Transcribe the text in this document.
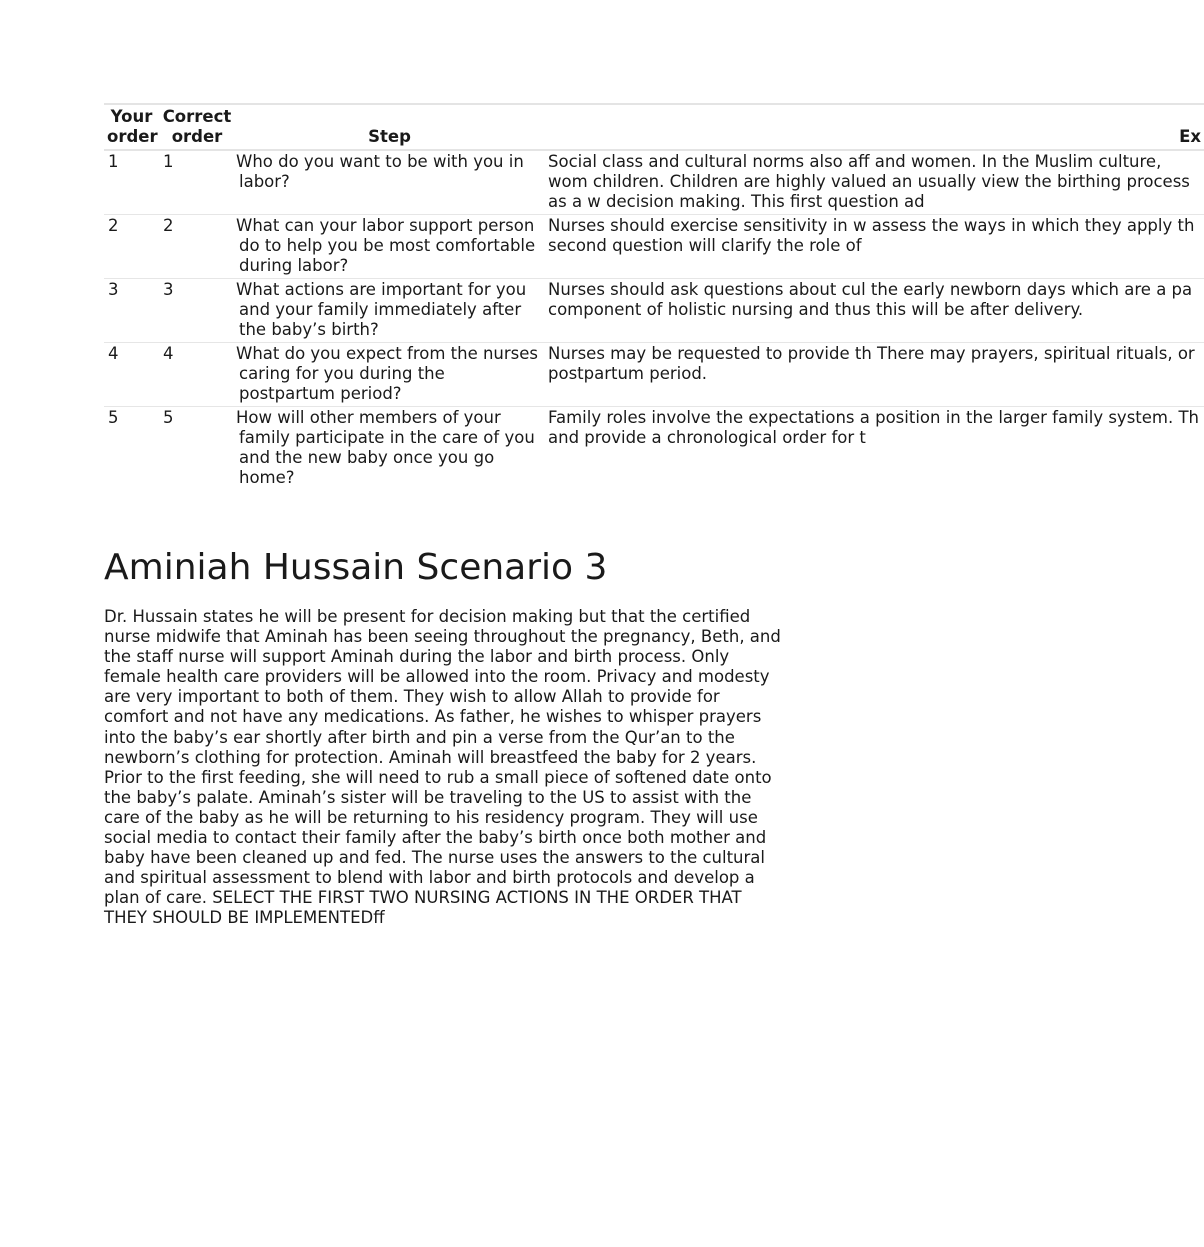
Your order	Correct order	Step	Ex
1	1	Who do you want to be with you in labor?	Social class and cultural norms also aff and women. In the Muslim culture, wom children. Children are highly valued an usually view the birthing process as a w decision making. This first question ad
2	2	What can your labor support person do to help you be most comfortable during labor?	Nurses should exercise sensitivity in w assess the ways in which they apply th second question will clarify the role of
3	3	What actions are important for you and your family immediately after the baby’s birth?	Nurses should ask questions about cul the early newborn days which are a pa component of holistic nursing and thus this will be after delivery.
4	4	What do you expect from the nurses caring for you during the postpartum period?	Nurses may be requested to provide th There may prayers, spiritual rituals, or postpartum period.
5	5	How will other members of your family participate in the care of you and the new baby once you go home?	Family roles involve the expectations a position in the larger family system. Th and provide a chronological order for t
Aminiah Hussain Scenario 3

Dr. Hussain states he will be present for decision making but that the certified nurse midwife that Aminah has been seeing throughout the pregnancy, Beth, and the staff nurse will support Aminah during the labor and birth process. Only female health care providers will be allowed into the room. Privacy and modesty are very important to both of them. They wish to allow Allah to provide for comfort and not have any medications. As father, he wishes to whisper prayers into the baby’s ear shortly after birth and pin a verse from the Qur’an to the newborn’s clothing for protection. Aminah will breastfeed the baby for 2 years. Prior to the first feeding, she will need to rub a small piece of softened date onto the baby’s palate. Aminah’s sister will be traveling to the US to assist with the care of the baby as he will be returning to his residency program. They will use social media to contact their family after the baby’s birth once both mother and baby have been cleaned up and fed. The nurse uses the answers to the cultural and spiritual assessment to blend with labor and birth protocols and develop a plan of care. SELECT THE FIRST TWO NURSING ACTIONS IN THE ORDER THAT THEY SHOULD BE IMPLEMENTEDff
